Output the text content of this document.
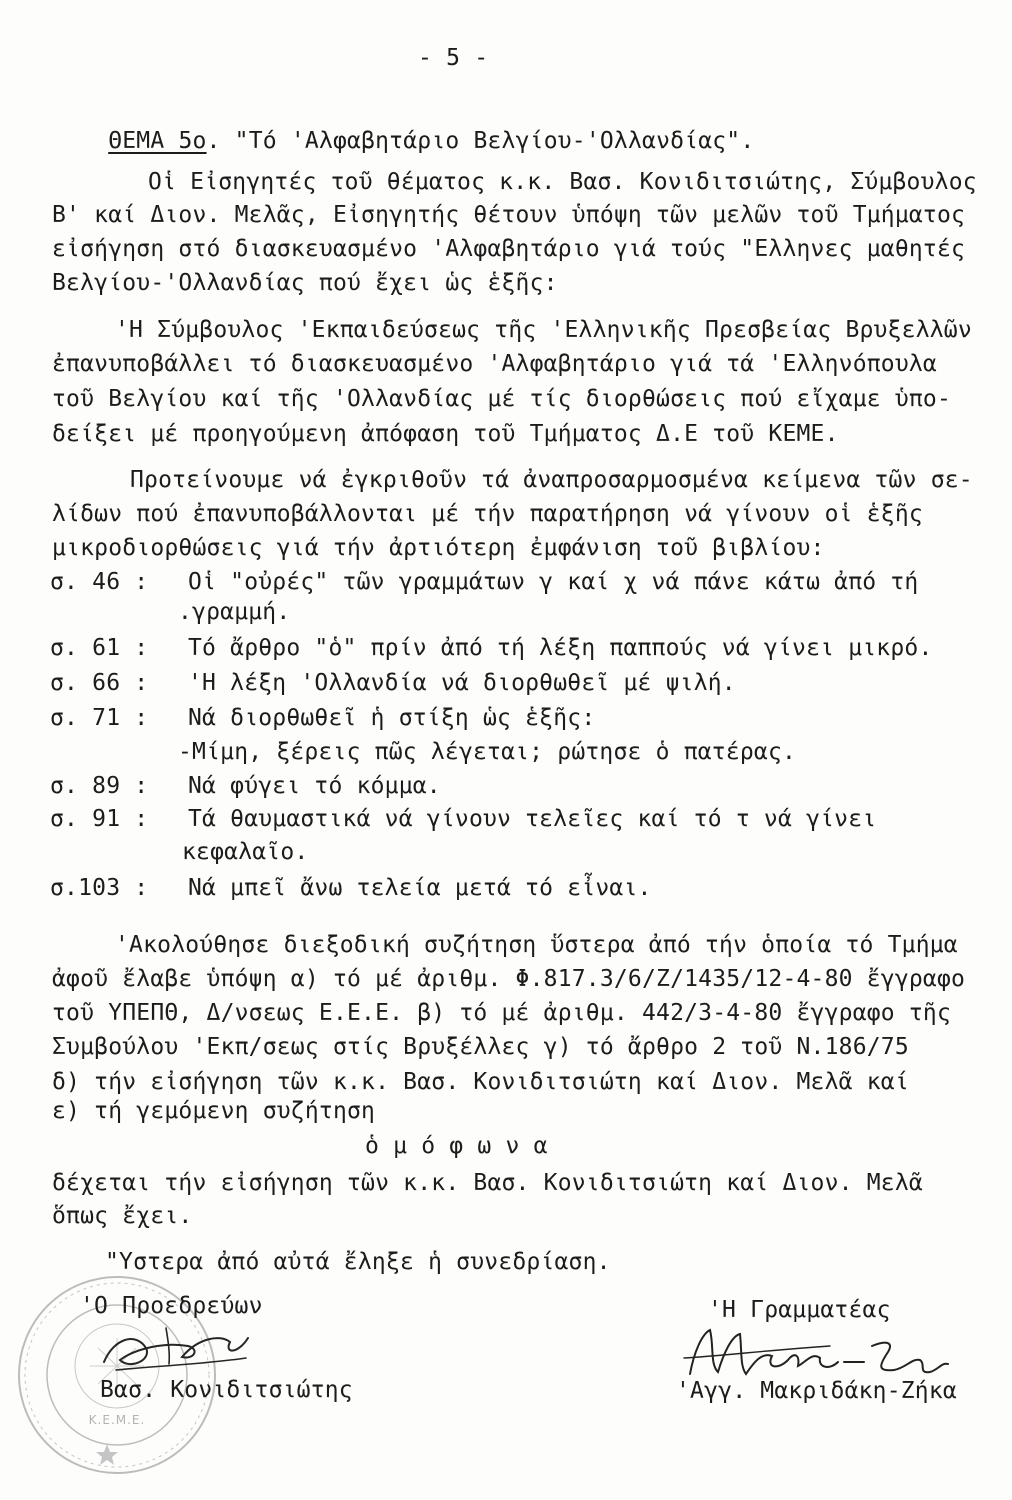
- 5 -

ΘΕΜΑ 5ο. "Τό 'Αλφαβητάριο Βελγίου-'Ολλανδίας".

Οἱ Εἰσηγητές τοῦ θέματος κ.κ. Βασ. Κονιδιτσιώτης, Σύμβουλος
Β' καί Διον. Μελᾶς, Εἰσηγητής θέτουν ὑπόψη τῶν μελῶν τοῦ Τμήματος
εἰσήγηση στό διασκευασμένο 'Αλφαβητάριο γιά τούς "Ελληνες μαθητές
Βελγίου-'Ολλανδίας πού ἔχει ὡς ἑξῆς:
'Η Σύμβουλος 'Εκπαιδεύσεως τῆς 'Ελληνικῆς Πρεσβείας Βρυξελλῶν
ἐπανυποβάλλει τό διασκευασμένο 'Αλφαβητάριο γιά τά 'Ελληνόπουλα
τοῦ Βελγίου καί τῆς 'Ολλανδίας μέ τίς διορθώσεις πού εἴχαμε ὑπο-
δείξει μέ προηγούμενη ἀπόφαση τοῦ Τμήματος Δ.Ε τοῦ ΚΕΜΕ.
Προτείνουμε νά ἐγκριθοῦν τά ἀναπροσαρμοσμένα κείμενα τῶν σε-
λίδων πού ἐπανυποβάλλονται μέ τήν παρατήρηση νά γίνουν οἱ ἑξῆς
μικροδιορθώσεις γιά τήν ἀρτιότερη ἐμφάνιση τοῦ βιβλίου:
σ. 46 : Οἱ "οὐρές" τῶν γραμμάτων γ καί χ νά πάνε κάτω ἀπό τή
.γραμμή.
σ. 61 : Τό ἄρθρο "ὁ" πρίν ἀπό τή λέξη παππούς νά γίνει μικρό.
σ. 66 : 'Η λέξη 'Ολλανδία νά διορθωθεῖ μέ ψιλή.
σ. 71 : Νά διορθωθεῖ ἡ στίξη ὡς ἑξῆς:
-Μίμη, ξέρεις πῶς λέγεται; ρώτησε ὁ πατέρας.
σ. 89 : Νά φύγει τό κόμμα.
σ. 91 : Τά θαυμαστικά νά γίνουν τελεῖες καί τό τ νά γίνει
κεφαλαῖο.
σ.103 : Νά μπεῖ ἄνω τελεία μετά τό εἶναι.
'Ακολούθησε διεξοδική συζήτηση ὕστερα ἀπό τήν ὁποία τό Τμήμα
ἀφοῦ ἔλαβε ὑπόψη α) τό μέ ἀριθμ. Φ.817.3/6/Ζ/1435/12-4-80 ἔγγραφο
τοῦ ΥΠΕΠΘ, Δ/νσεως Ε.Ε.Ε. β) τό μέ ἀριθμ. 442/3-4-80 ἔγγραφο τῆς
Συμβούλου 'Εκπ/σεως στίς Βρυξέλλες γ) τό ἄρθρο 2 τοῦ Ν.186/75
δ) τήν εἰσήγηση τῶν κ.κ. Βασ. Κονιδιτσιώτη καί Διον. Μελᾶ καί
ε) τή γεμόμενη συζήτηση
ὁ μ ό φ ω ν α
δέχεται τήν εἰσήγηση τῶν κ.κ. Βασ. Κονιδιτσιώτη καί Διον. Μελᾶ
ὅπως ἔχει.
"Υστερα ἀπό αὐτά ἔληξε ἡ συνεδρίαση.
Κ.Ε.Μ.Ε.
'Ο Προεδρεύων
Βασ. Κονιδιτσιώτης
'Η Γραμματέας
'Αγγ. Μακριδάκη-Ζήκα
